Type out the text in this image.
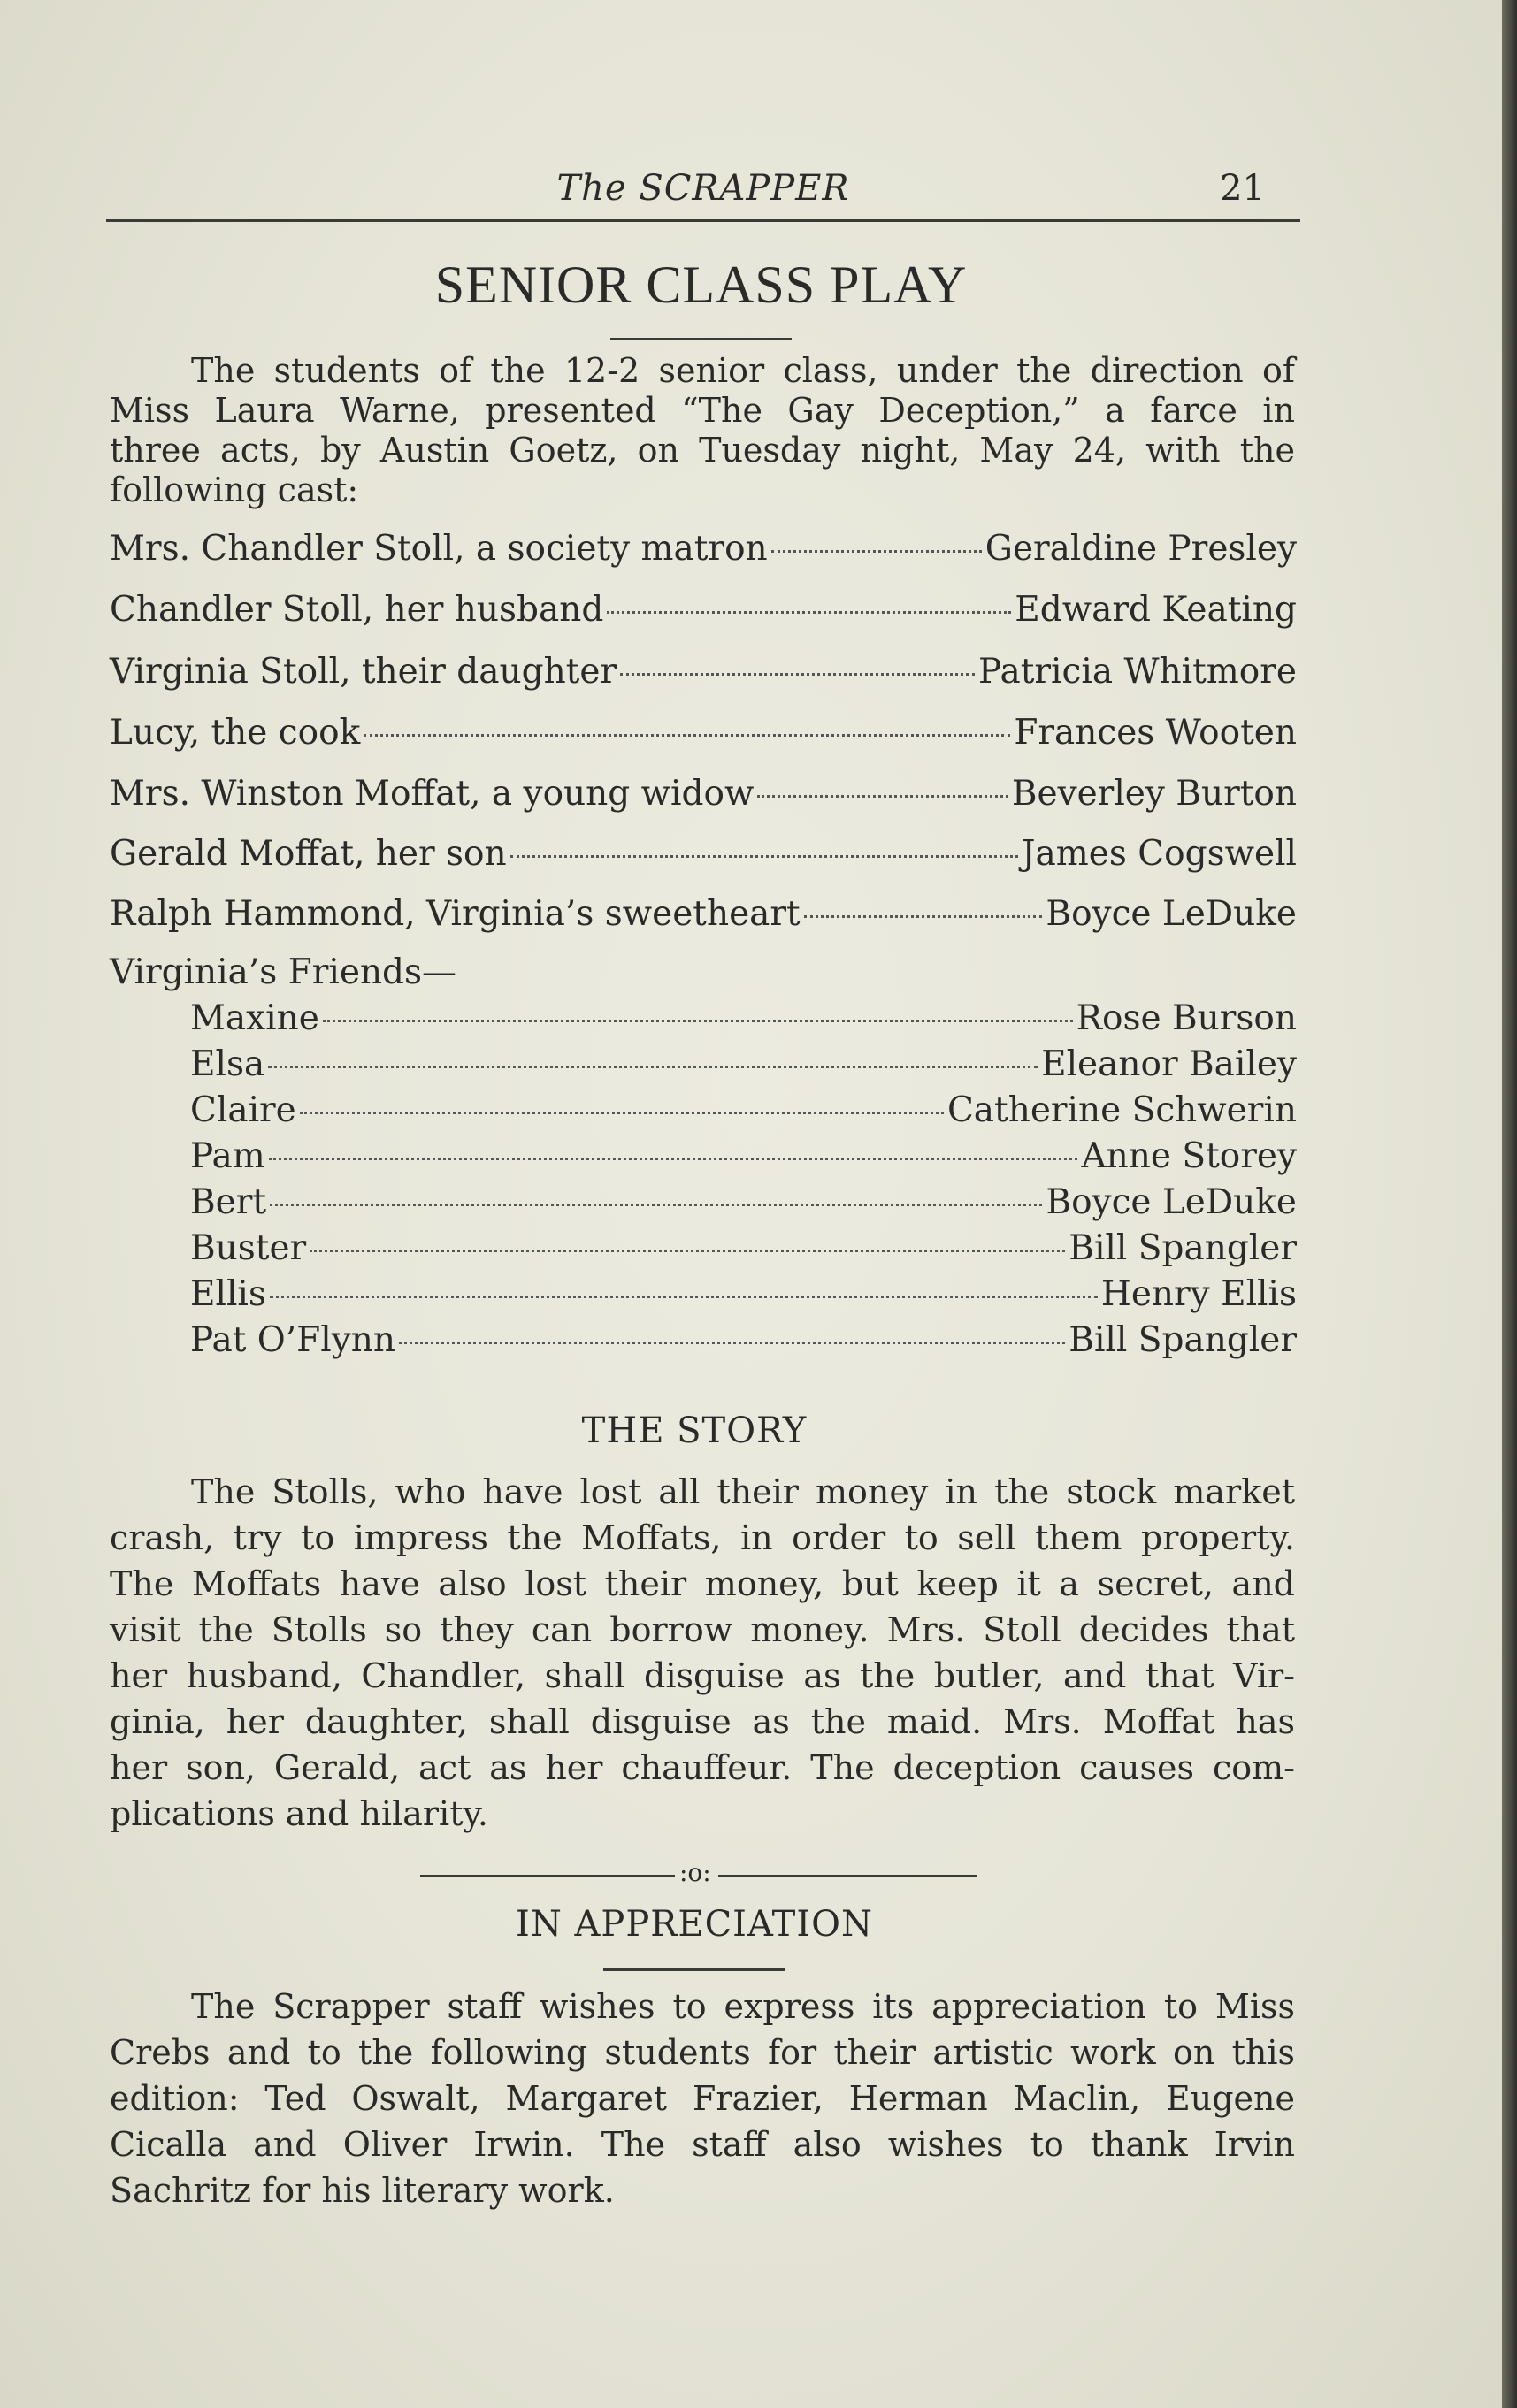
The SCRAPPER	21
SENIOR CLASS PLAY

The students of the 12-2 senior class, under the direction of
Miss Laura Warne, presented “The Gay Deception,” a farce in
three acts, by Austin Goetz, on Tuesday night, May 24, with the
following cast:

Mrs. Chandler Stoll, a society matron	Geraldine Presley
Chandler Stoll, her husband	Edward Keating
Virginia Stoll, their daughter	Patricia Whitmore
Lucy, the cook	Frances Wooten
Mrs. Winston Moffat, a young widow	Beverley Burton
Gerald Moffat, her son	James Cogswell
Ralph Hammond, Virginia’s sweetheart	Boyce LeDuke
Virginia’s Friends—
Maxine	Rose Burson
Elsa	Eleanor Bailey
Claire	Catherine Schwerin
Pam	Anne Storey
Bert	Boyce LeDuke
Buster	Bill Spangler
Ellis	Henry Ellis
Pat O’Flynn	Bill Spangler
THE STORY

The Stolls, who have lost all their money in the stock market
crash, try to impress the Moffats, in order to sell them property.
The Moffats have also lost their money, but keep it a secret, and
visit the Stolls so they can borrow money. Mrs. Stoll decides that
her husband, Chandler, shall disguise as the butler, and that Vir-
ginia, her daughter, shall disguise as the maid. Mrs. Moffat has
her son, Gerald, act as her chauffeur. The deception causes com-
plications and hilarity.

:o:
IN APPRECIATION

The Scrapper staff wishes to express its appreciation to Miss
Crebs and to the following students for their artistic work on this
edition: Ted Oswalt, Margaret Frazier, Herman Maclin, Eugene
Cicalla and Oliver Irwin. The staff also wishes to thank Irvin
Sachritz for his literary work.
